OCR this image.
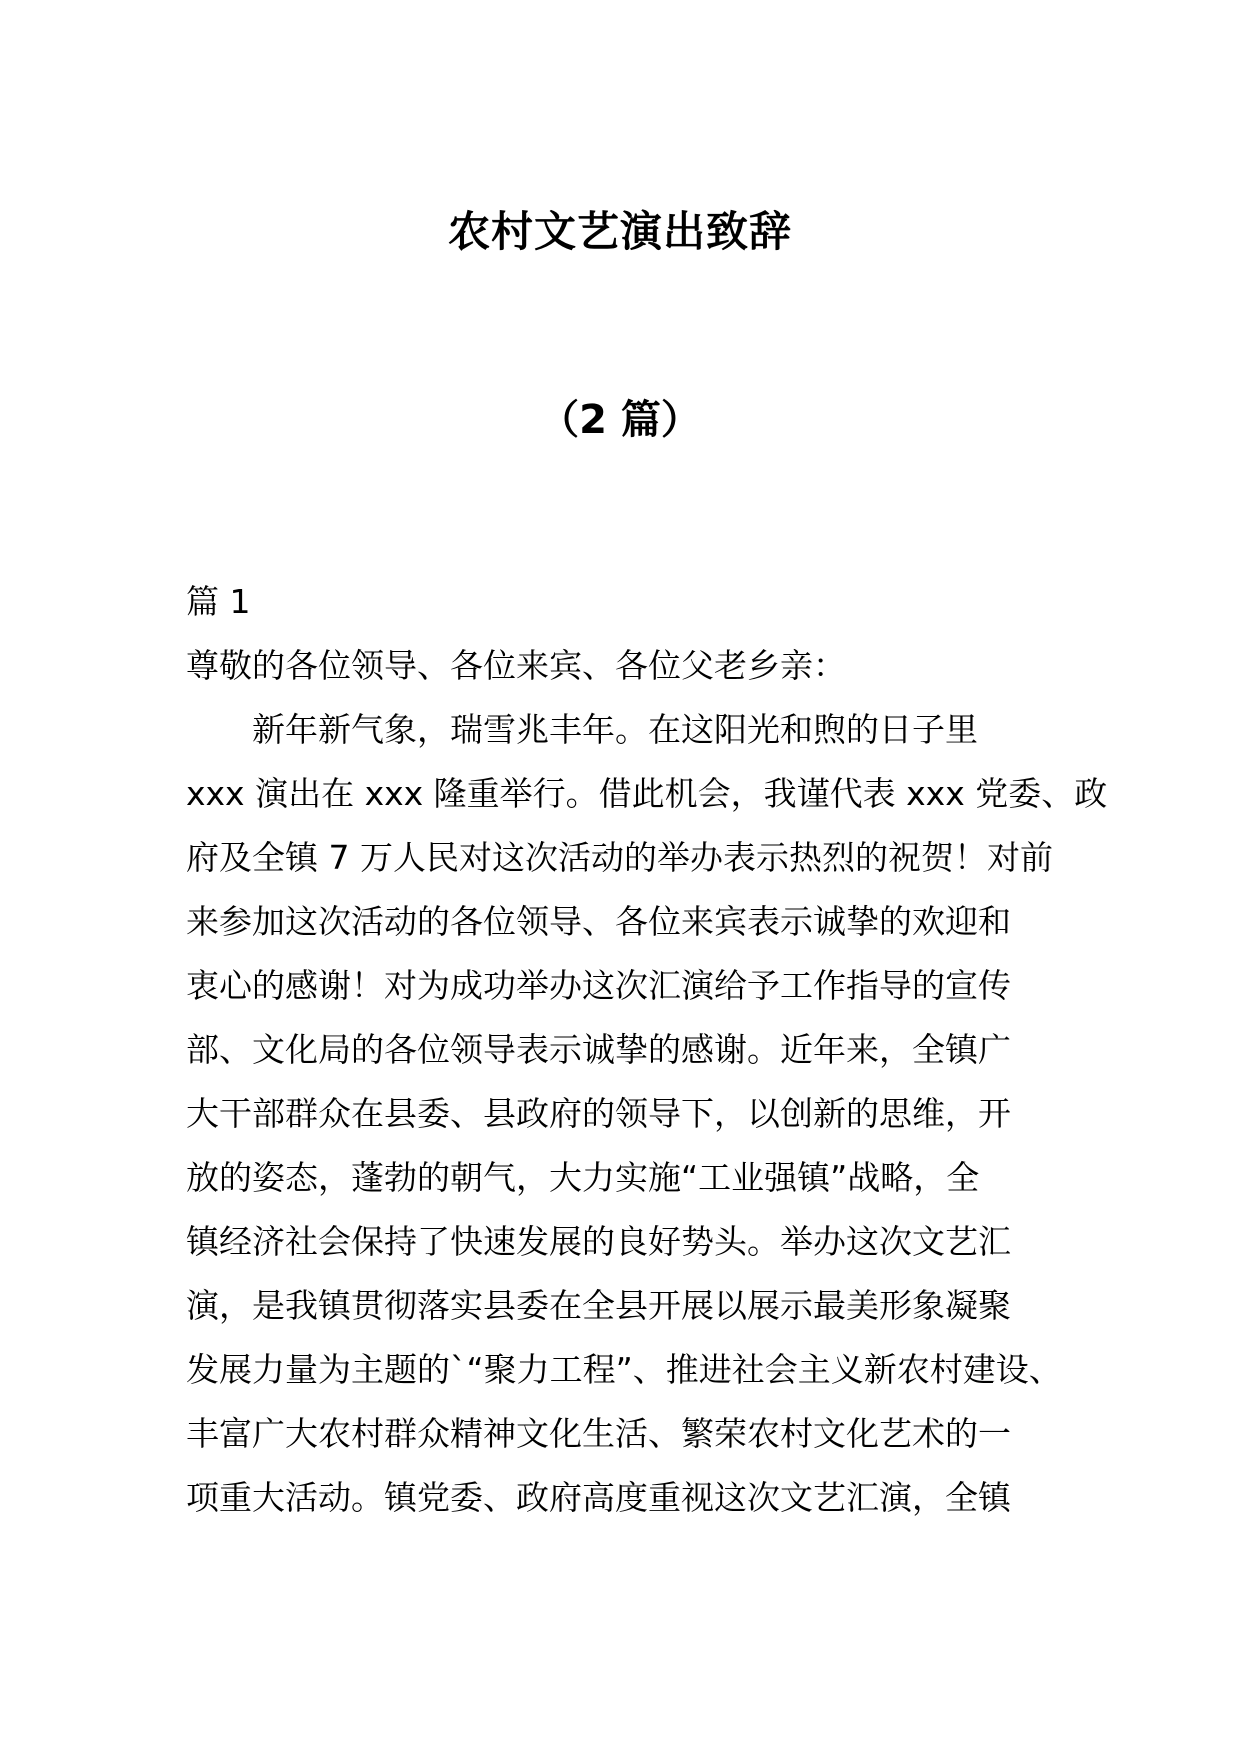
农村文艺演出致辞
（2 篇）
篇 1
尊敬的各位领导、各位来宾、各位父老乡亲：
新年新气象，瑞雪兆丰年。在这阳光和煦的日子里
xxx 演出在 xxx 隆重举行。借此机会，我谨代表 xxx 党委、政
府及全镇 7 万人民对这次活动的举办表示热烈的祝贺！对前
来参加这次活动的各位领导、各位来宾表示诚挚的欢迎和
衷心的感谢！对为成功举办这次汇演给予工作指导的宣传
部、文化局的各位领导表示诚挚的感谢。近年来，全镇广
大干部群众在县委、县政府的领导下，以创新的思维，开
放的姿态，蓬勃的朝气，大力实施“工业强镇”战略，全
镇经济社会保持了快速发展的良好势头。举办这次文艺汇
演，是我镇贯彻落实县委在全县开展以展示最美形象凝聚
发展力量为主题的`“聚力工程”、推进社会主义新农村建设、
丰富广大农村群众精神文化生活、繁荣农村文化艺术的一
项重大活动。镇党委、政府高度重视这次文艺汇演，全镇
